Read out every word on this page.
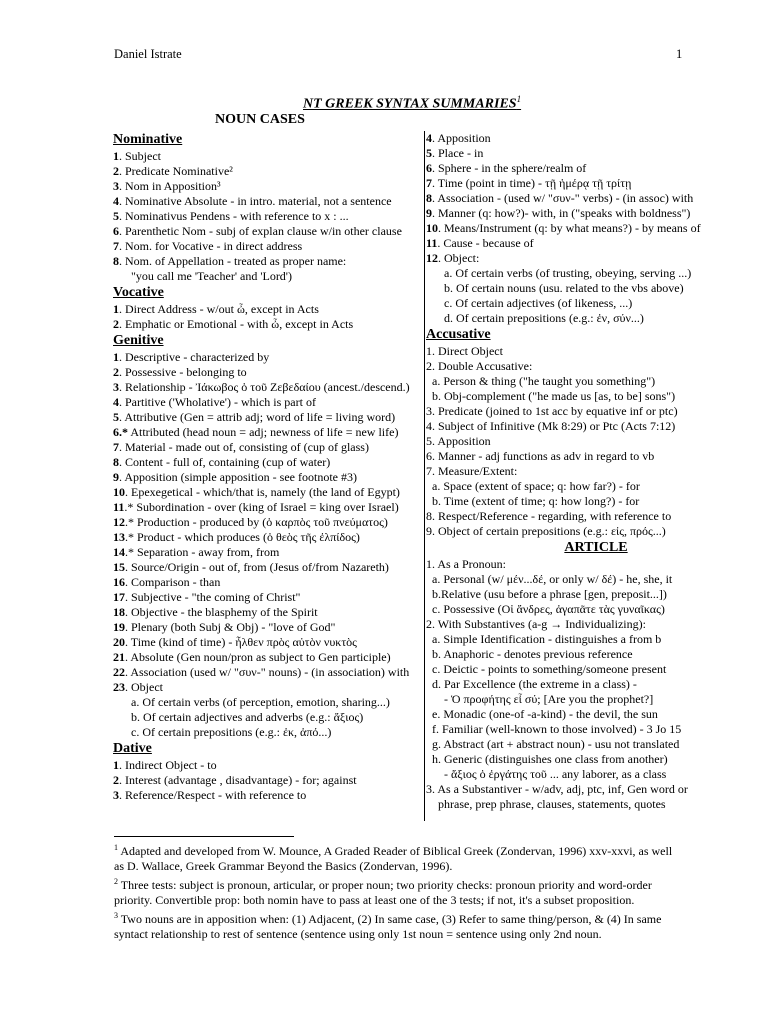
Daniel Istrate	1
NT GREEK SYNTAX SUMMARIES$^1$
NOUN CASES
Nominative
1. Subject
2. Predicate Nominative²
3. Nom in Apposition³
4. Nominative Absolute - in intro. material, not a sentence
5. Nominativus Pendens - with reference to x : ...
6. Parenthetic Nom - subj of explan clause w/in other clause
7. Nom. for Vocative - in direct address
8. Nom. of Appellation - treated as proper name:
"you call me 'Teacher' and 'Lord')
Vocative
1. Direct Address - w/out ὦ, except in Acts
2. Emphatic or Emotional - with ὦ, except in Acts
Genitive
1. Descriptive - characterized by
2. Possessive - belonging to
3. Relationship - Ἰάκωβος ὁ τοῦ Ζεβεδαίου (ancest./descend.)
4. Partitive ('Wholative') - which is part of
5. Attributive (Gen = attrib adj; word of life = living word)
6.* Attributed (head noun = adj; newness of life = new life)
7. Material - made out of, consisting of (cup of glass)
8. Content - full of, containing (cup of water)
9. Apposition (simple apposition - see footnote #3)
10. Epexegetical - which/that is, namely (the land of Egypt)
11.* Subordination - over (king of Israel = king over Israel)
12.* Production - produced by (ὁ καρπὸς τοῦ πνεύματος)
13.* Product - which produces (ὁ θεὸς τῆς ἐλπίδος)
14.* Separation - away from, from
15. Source/Origin - out of, from (Jesus of/from Nazareth)
16. Comparison - than
17. Subjective - "the coming of Christ"
18. Objective - the blasphemy of the Spirit
19. Plenary (both Subj & Obj) - "love of God"
20. Time (kind of time) - ἦλθεν πρὸς αὐτὸν νυκτὸς
21. Absolute (Gen noun/pron as subject to Gen participle)
22. Association (used w/ "συν-" nouns) - (in association) with
23. Object
a. Of certain verbs (of perception, emotion, sharing...)
b. Of certain adjectives and adverbs (e.g.: ἄξιος)
c. Of certain prepositions (e.g.: ἐκ, ἀπό...)
Dative
1. Indirect Object - to
2. Interest (advantage , disadvantage) - for; against
3. Reference/Respect - with reference to
4. Apposition
5. Place - in
6. Sphere - in the sphere/realm of
7. Time (point in time) - τῇ ἡμέρᾳ τῇ τρίτῃ
8. Association - (used w/ "συν-" verbs) - (in assoc) with
9. Manner (q: how?)- with, in ("speaks with boldness")
10. Means/Instrument (q: by what means?) - by means of
11. Cause - because of
12. Object:
a. Of certain verbs (of trusting, obeying, serving ...)
b. Of certain nouns (usu. related to the vbs above)
c. Of certain adjectives (of likeness, ...)
d. Of certain prepositions (e.g.: ἐν, σύν...)
Accusative
1. Direct Object
2. Double Accusative:
a. Person & thing ("he taught you something")
b. Obj-complement ("he made us [as, to be] sons")
3. Predicate (joined to 1st acc by equative inf or ptc)
4. Subject of Infinitive (Mk 8:29) or Ptc (Acts 7:12)
5. Apposition
6. Manner - adj functions as adv in regard to vb
7. Measure/Extent:
a. Space (extent of space; q: how far?) - for
b. Time (extent of time; q: how long?) - for
8. Respect/Reference - regarding, with reference to
9. Object of certain prepositions (e.g.: εἰς, πρός...)
ARTICLE
1. As a Pronoun:
a. Personal (w/ μέν...δέ, or only w/ δέ) - he, she, it
b.Relative (usu before a phrase [gen, preposit...])
c. Possessive (Οἱ ἄνδρες, ἀγαπᾶτε τὰς γυναῖκας)
2. With Substantives (a-g → Individualizing):
a. Simple Identification - distinguishes a from b
b. Anaphoric - denotes previous reference
c. Deictic - points to something/someone present
d. Par Excellence (the extreme in a class) -
- Ὁ προφήτης εἶ σύ; [Are you the prophet?]
e. Monadic (one-of -a-kind) - the devil, the sun
f. Familiar (well-known to those involved) - 3 Jo 15
g. Abstract (art + abstract noun) - usu not translated
h. Generic (distinguishes one class from another)
- ἄξιος ὁ ἐργάτης τοῦ ... any laborer, as a class
3. As a Substantiver - w/adv, adj, ptc, inf, Gen word or
phrase, prep phrase, clauses, statements, quotes
$^1$ Adapted and developed from W. Mounce, A Graded Reader of Biblical Greek (Zondervan, 1996) xxv-xxvi, as well as D. Wallace, Greek Grammar Beyond the Basics (Zondervan, 1996).
$^2$ Three tests: subject is pronoun, articular, or proper noun; two priority checks: pronoun priority and word-order priority. Convertible prop: both nomin have to pass at least one of the 3 tests; if not, it's a subset proposition.
$^3$ Two nouns are in apposition when: (1) Adjacent, (2) In same case, (3) Refer to same thing/person, & (4) In same syntact relationship to rest of sentence (sentence using only 1st noun = sentence using only 2nd noun.
